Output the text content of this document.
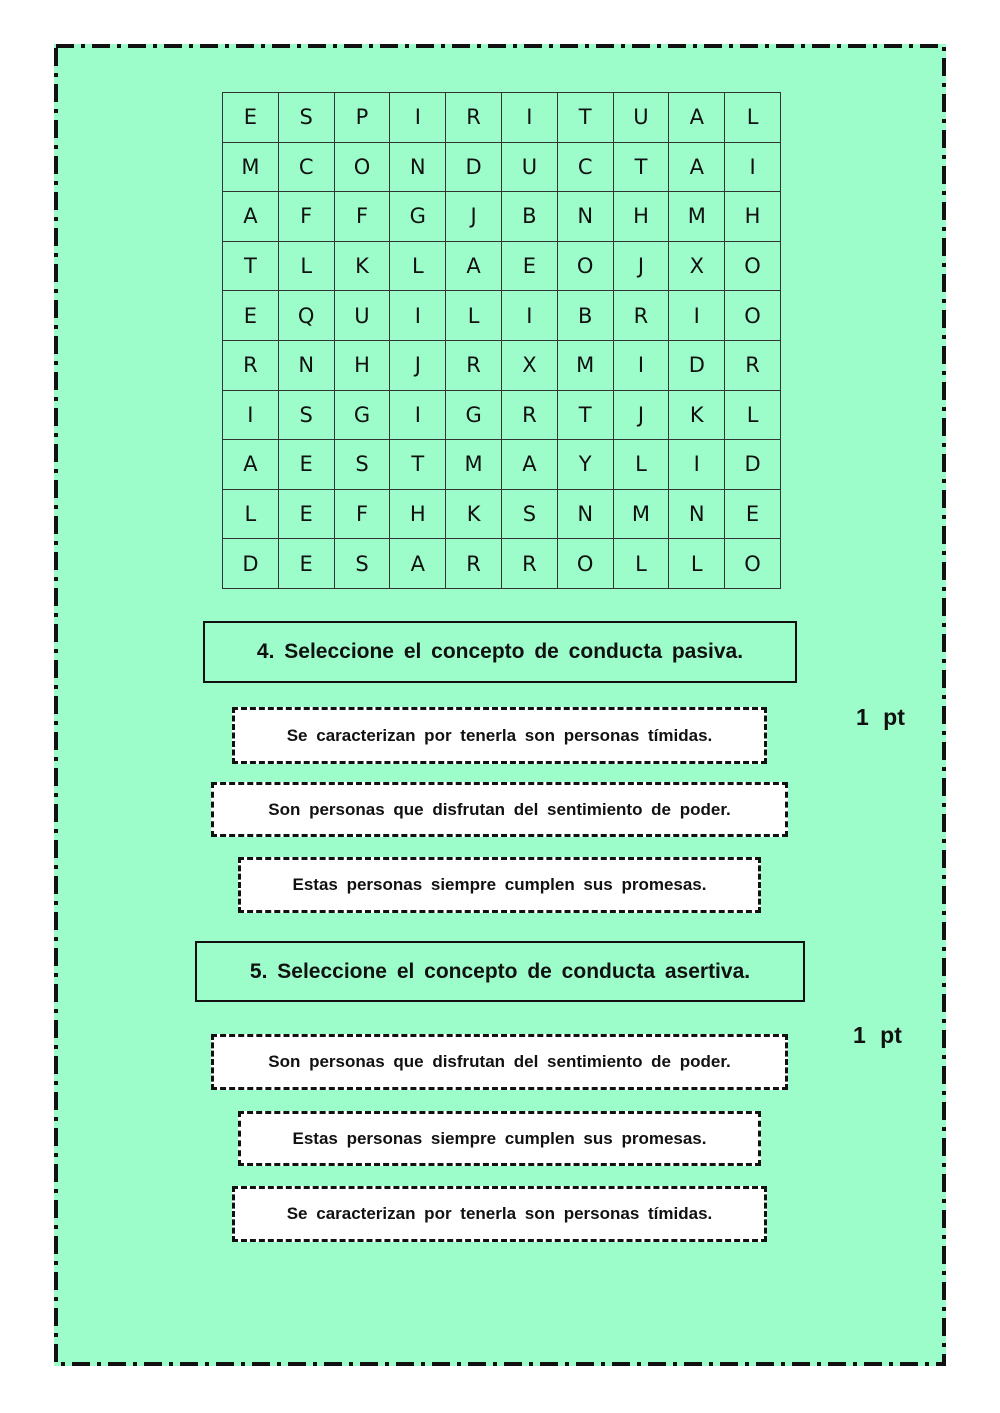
E	S	P	I	R	I	T	U	A	L
M	C	O	N	D	U	C	T	A	I
A	F	F	G	J	B	N	H	M	H
T	L	K	L	A	E	O	J	X	O
E	Q	U	I	L	I	B	R	I	O
R	N	H	J	R	X	M	I	D	R
I	S	G	I	G	R	T	J	K	L
A	E	S	T	M	A	Y	L	I	D
L	E	F	H	K	S	N	M	N	E
D	E	S	A	R	R	O	L	L	O
4. Seleccione el concepto de conducta pasiva.
1 pt
Se caracterizan por tenerla son personas tímidas.
Son personas que disfrutan del sentimiento de poder.
Estas personas siempre cumplen sus promesas.
5. Seleccione el concepto de conducta asertiva.
1 pt
Son personas que disfrutan del sentimiento de poder.
Estas personas siempre cumplen sus promesas.
Se caracterizan por tenerla son personas tímidas.
